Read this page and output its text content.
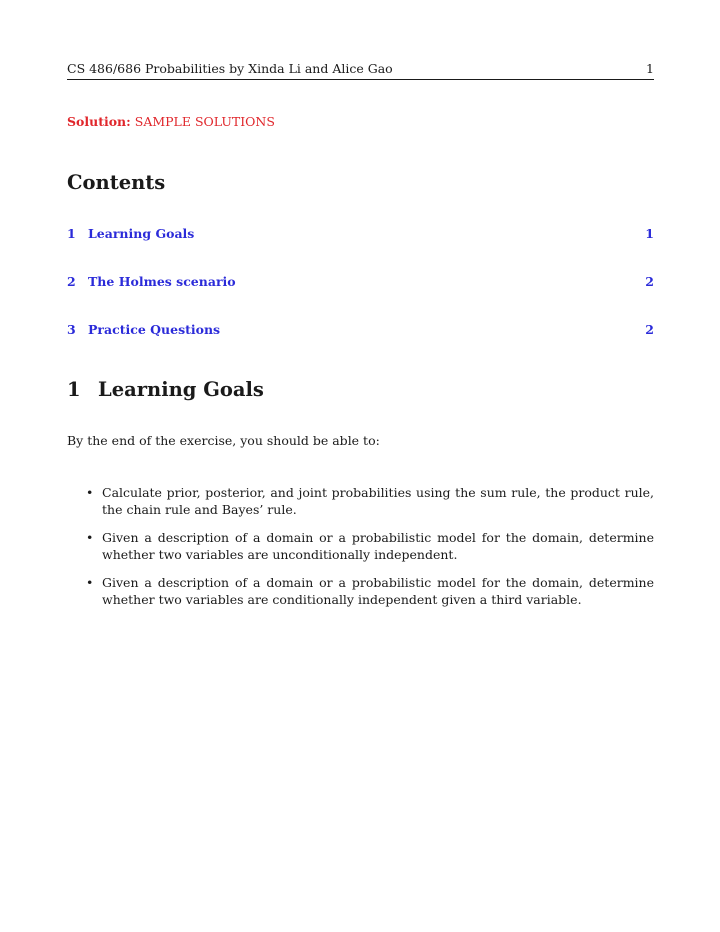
CS 486/686 Probabilities by Xinda Li and Alice Gao	1
Solution: SAMPLE SOLUTIONS
Contents
1 Learning Goals	1
2 The Holmes scenario	2
3 Practice Questions	2
1 Learning Goals
By the end of the exercise, you should be able to:
• Calculate prior, posterior, and joint probabilities using the sum rule, the product rule, the chain rule and Bayes’ rule.
• Given a description of a domain or a probabilistic model for the domain, determine whether two variables are unconditionally independent.
• Given a description of a domain or a probabilistic model for the domain, determine whether two variables are conditionally independent given a third variable.
